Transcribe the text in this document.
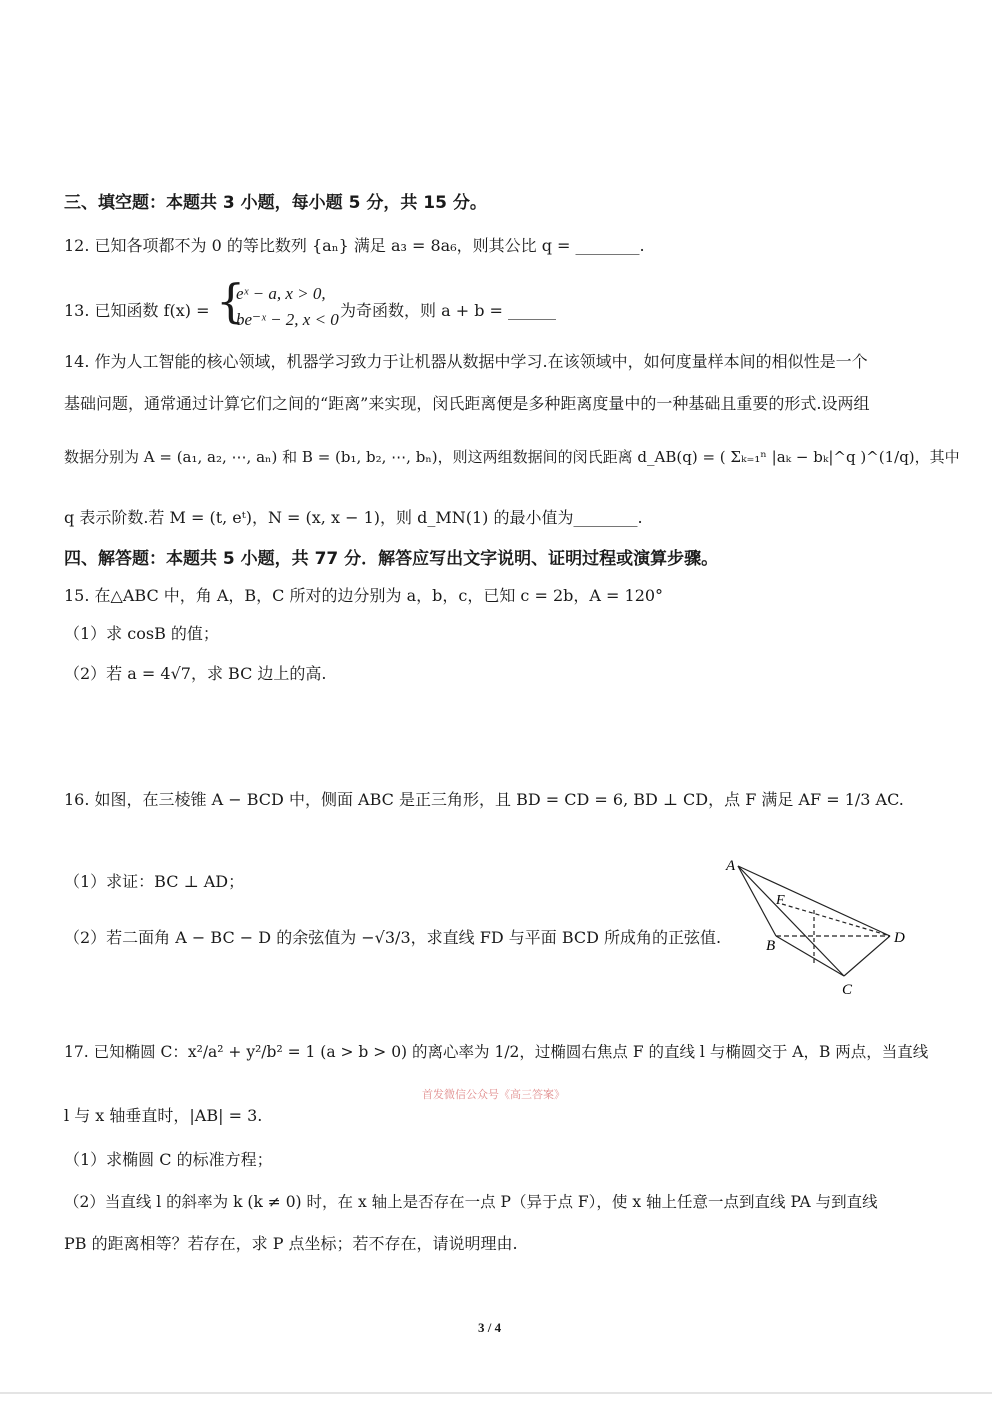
三、填空题：本题共 3 小题，每小题 5 分，共 15 分。
12. 已知各项都不为 0 的等比数列 {aₙ} 满足 a₃ = 8a₆，则其公比 q = ________.
13. 已知函数 f(x) = {
eˣ − a, x > 0,
be⁻ˣ − 2, x < 0 为奇函数，则 a + b = ______
14. 作为人工智能的核心领域，机器学习致力于让机器从数据中学习.在该领域中，如何度量样本间的相似性是一个
基础问题，通常通过计算它们之间的“距离”来实现，闵氏距离便是多种距离度量中的一种基础且重要的形式.设两组
数据分别为 A = (a₁, a₂, ⋯, aₙ) 和 B = (b₁, b₂, ⋯, bₙ)，则这两组数据间的闵氏距离 d_AB(q) = ( Σₖ₌₁ⁿ |aₖ − bₖ|^q )^(1/q)，其中
q 表示阶数.若 M = (t, eᵗ)，N = (x, x − 1)，则 d_MN(1) 的最小值为________.
四、解答题：本题共 5 小题，共 77 分．解答应写出文字说明、证明过程或演算步骤。
15. 在△ABC 中，角 A，B，C 所对的边分别为 a，b，c，已知 c = 2b，A = 120°
（1）求 cosB 的值；
（2）若 a = 4√7，求 BC 边上的高.
16. 如图，在三棱锥 A − BCD 中，侧面 ABC 是正三角形，且 BD = CD = 6, BD ⊥ CD，点 F 满足 AF = 1/3 AC.
（1）求证：BC ⊥ AD；
（2）若二面角 A − BC − D 的余弦值为 −√3/3，求直线 FD 与平面 BCD 所成角的正弦值.
A
F
B
C
D
17. 已知椭圆 C：x²/a² + y²/b² = 1 (a > b > 0) 的离心率为 1/2，过椭圆右焦点 F 的直线 l 与椭圆交于 A，B 两点，当直线
首发微信公众号《高三答案》
l 与 x 轴垂直时，|AB| = 3.
（1）求椭圆 C 的标准方程；
（2）当直线 l 的斜率为 k (k ≠ 0) 时，在 x 轴上是否存在一点 P（异于点 F），使 x 轴上任意一点到直线 PA 与到直线
PB 的距离相等？若存在，求 P 点坐标；若不存在，请说明理由.
3 / 4
